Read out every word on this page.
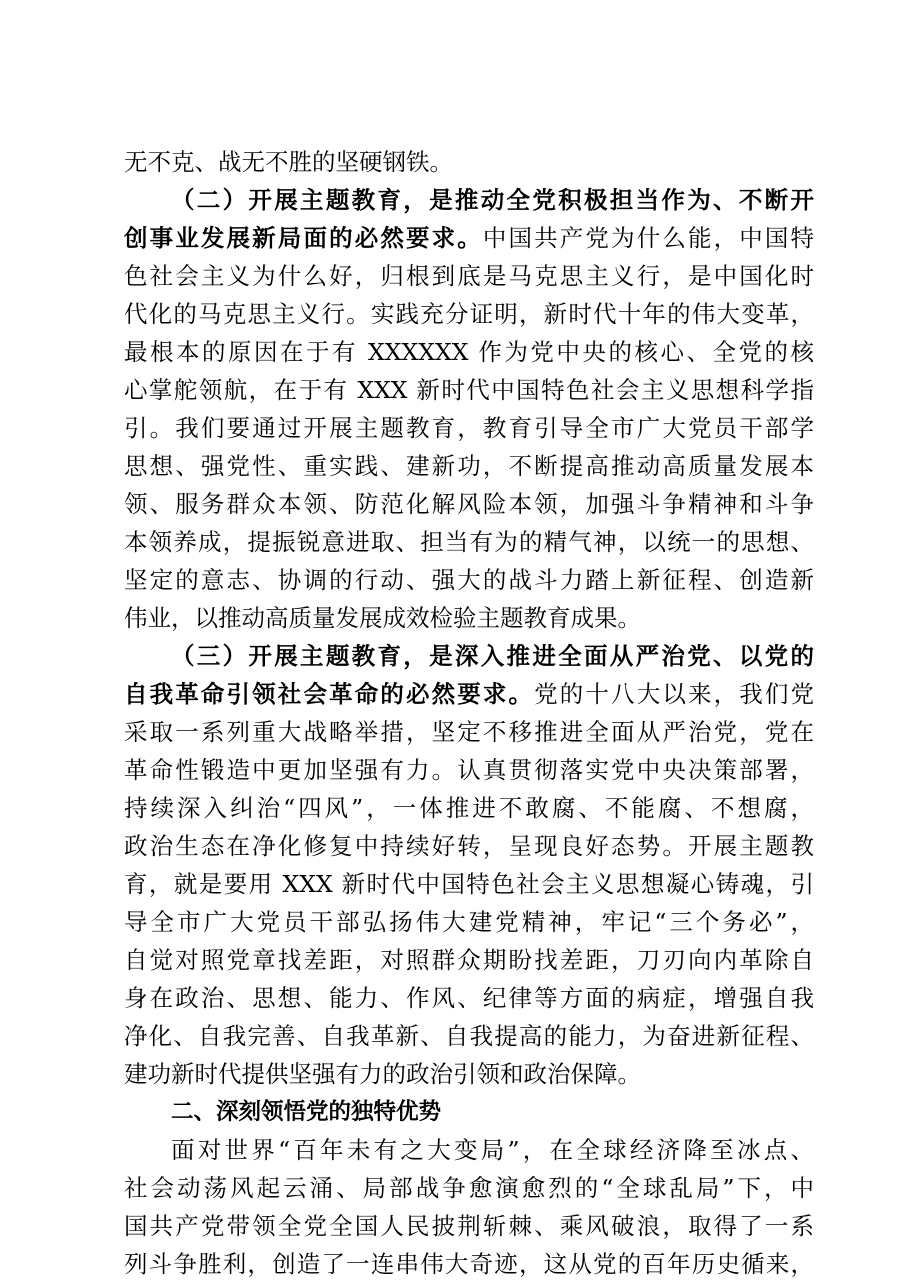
无不克、战无不胜的坚硬钢铁。
（二）开展主题教育，是推动全党积极担当作为、不断开
创事业发展新局面的必然要求。中国共产党为什么能，中国特
色社会主义为什么好，归根到底是马克思主义行，是中国化时
代化的马克思主义行。实践充分证明，新时代十年的伟大变革，
最根本的原因在于有 XXXXXX 作为党中央的核心、全党的核
心掌舵领航，在于有 XXX 新时代中国特色社会主义思想科学指
引。我们要通过开展主题教育，教育引导全市广大党员干部学
思想、强党性、重实践、建新功，不断提高推动高质量发展本
领、服务群众本领、防范化解风险本领，加强斗争精神和斗争
本领养成，提振锐意进取、担当有为的精气神，以统一的思想、
坚定的意志、协调的行动、强大的战斗力踏上新征程、创造新
伟业，以推动高质量发展成效检验主题教育成果。
（三）开展主题教育，是深入推进全面从严治党、以党的
自我革命引领社会革命的必然要求。党的十八大以来，我们党
采取一系列重大战略举措，坚定不移推进全面从严治党，党在
革命性锻造中更加坚强有力。认真贯彻落实党中央决策部署，
持续深入纠治“四风”，一体推进不敢腐、不能腐、不想腐，
政治生态在净化修复中持续好转，呈现良好态势。开展主题教
育，就是要用 XXX 新时代中国特色社会主义思想凝心铸魂，引
导全市广大党员干部弘扬伟大建党精神，牢记“三个务必”，
自觉对照党章找差距，对照群众期盼找差距，刀刃向内革除自
身在政治、思想、能力、作风、纪律等方面的病症，增强自我
净化、自我完善、自我革新、自我提高的能力，为奋进新征程、
建功新时代提供坚强有力的政治引领和政治保障。
二、深刻领悟党的独特优势
面对世界“百年未有之大变局”，在全球经济降至冰点、
社会动荡风起云涌、局部战争愈演愈烈的“全球乱局”下，中
国共产党带领全党全国人民披荆斩棘、乘风破浪，取得了一系
列斗争胜利，创造了一连串伟大奇迹，这从党的百年历史循来，
